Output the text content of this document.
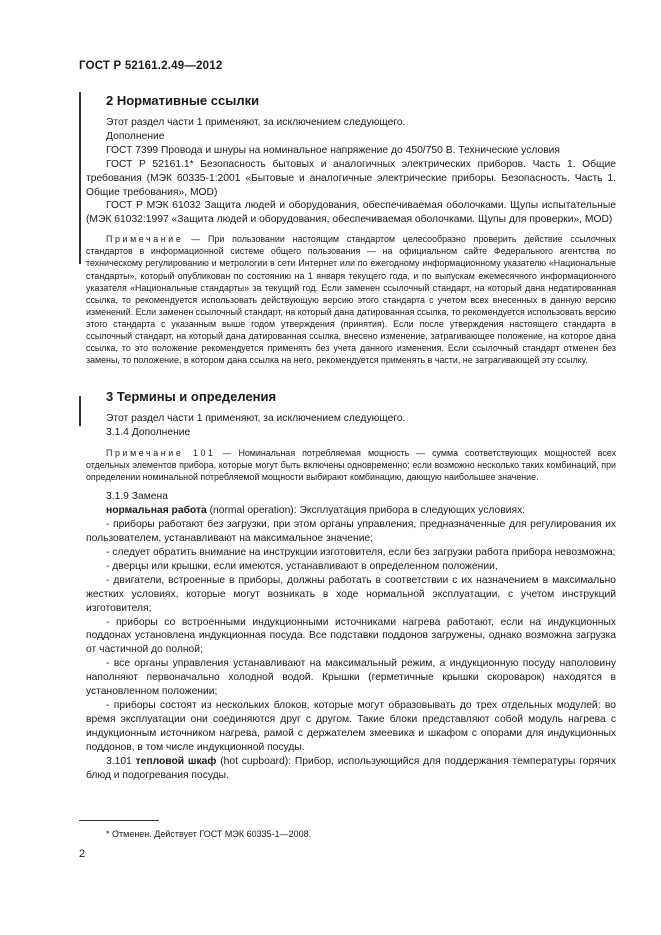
ГОСТ Р 52161.2.49—2012
2 Нормативные ссылки
Этот раздел части 1 применяют, за исключением следующего.
Дополнение
ГОСТ 7399 Провода и шнуры на номинальное напряжение до 450/750 В. Технические условия
ГОСТ Р 52161.1* Безопасность бытовых и аналогичных электрических приборов. Часть 1. Общие требования (МЭК 60335-1:2001 «Бытовые и аналогичные электрические приборы. Безопасность. Часть 1. Общие требования», MOD)
ГОСТ Р МЭК 61032 Защита людей и оборудования, обеспечиваемая оболочками. Щупы испытательные (МЭК 61032:1997 «Защита людей и оборудования, обеспечиваемая оболочками. Щупы для проверки», MOD)
Примечание — При пользовании настоящим стандартом целесообразно проверить действие ссылочных стандартов в информационной системе общего пользования — на официальном сайте Федерального агентства по техническому регулированию и метрологии в сети Интернет или по ежегодному информационному указателю «Национальные стандарты», который опубликован по состоянию на 1 января текущего года, и по выпускам ежемесячного информационного указателя «Национальные стандарты» за текущий год. Если заменен ссылочный стандарт, на который дана недатированная ссылка, то рекомендуется использовать действующую версию этого стандарта с учетом всех внесенных в данную версию изменений. Если заменен ссылочный стандарт, на который дана датированная ссылка, то рекомендуется использовать версию этого стандарта с указанным выше годом утверждения (принятия). Если после утверждения настоящего стандарта в ссылочный стандарт, на который дана датированная ссылка, внесено изменение, затрагивающее положение, на которое дана ссылка, то это положение рекомендуется применять без учета данного изменения. Если ссылочный стандарт отменен без замены, то положение, в котором дана ссылка на него, рекомендуется применять в части, не затрагивающей эту ссылку.
3 Термины и определения
Этот раздел части 1 применяют, за исключением следующего.
3.1.4 Дополнение
Примечание 101 — Номинальная потребляемая мощность — сумма соответствующих мощностей всех отдельных элементов прибора, которые могут быть включены одновременно; если возможно несколько таких комбинаций, при определении номинальной потребляемой мощности выбирают комбинацию, дающую наибольшее значение.
3.1.9 Замена
нормальная работа (normal operation): Эксплуатация прибора в следующих условиях:
- приборы работают без загрузки, при этом органы управления, предназначенные для регулирования их пользователем, устанавливают на максимальное значение;
- следует обратить внимание на инструкции изготовителя, если без загрузки работа прибора невозможна;
- дверцы или крышки, если имеются, устанавливают в определенном положении,
- двигатели, встроенные в приборы, должны работать в соответствии с их назначением в максимально жестких условиях, которые могут возникать в ходе нормальной эксплуатации, с учетом инструкций изготовителя;
- приборы со встроенными индукционными источниками нагрева работают, если на индукционных поддонах установлена индукционная посуда. Все подставки поддонов загружены, однако возможна загрузка от частичной до полной;
- все органы управления устанавливают на максимальный режим, а индукционную посуду наполовину наполняют первоначально холодной водой. Крышки (герметичные крышки скороварок) находятся в установленном положении;
- приборы состоят из нескольких блоков, которые могут образовывать до трех отдельных модулей: во время эксплуатации они соединяются друг с другом. Такие блоки представляют собой модуль нагрева с индукционным источником нагрева, рамой с держателем змеевика и шкафом с опорами для индукционных поддонов, в том числе индукционной посуды.
3.101 тепловой шкаф (hot cupboard): Прибор, использующийся для поддержания температуры горячих блюд и подогревания посуды.
* Отменен. Действует ГОСТ МЭК 60335-1—2008.
2
